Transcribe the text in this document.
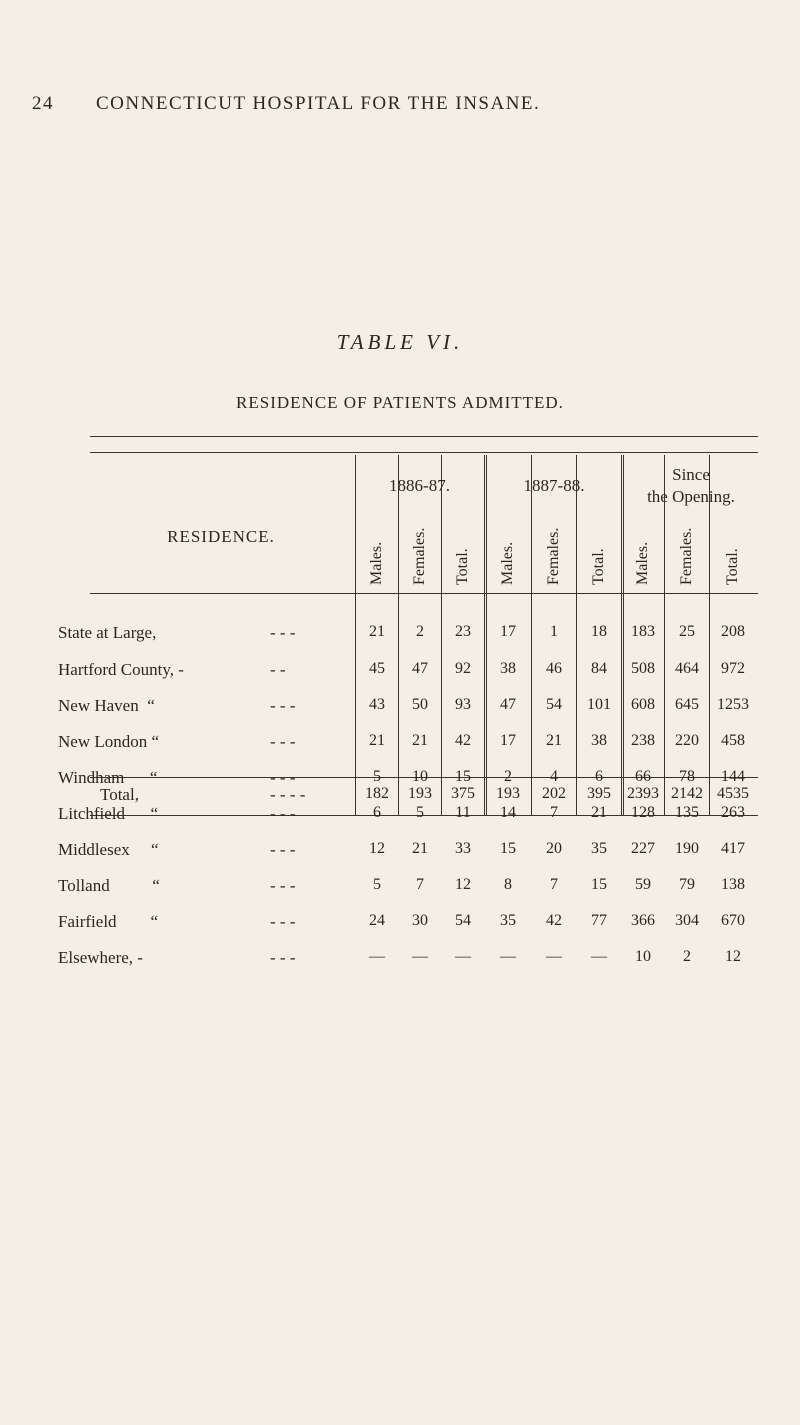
24 CONNECTICUT HOSPITAL FOR THE INSANE.
TABLE VI.
RESIDENCE OF PATIENTS ADMITTED.
1886-87.	1887-88.
Since
the Opening.
RESIDENCE.
Males. Females. Total. Males. Females. Total. Males. Females. Total.
State at Large,	- - -	21	2	23	17	1	18	183	25	208
Hartford County, -	- -	45	47	92	38	46	84	508	464	972
New Haven  “	- - -	43	50	93	47	54	101	608	645	1253
New London “	- - -	21	21	42	17	21	38	238	220	458
Windham      “	- - -	5	10	15	2	4	6	66	78	144
Litchfield      “	- - -	6	5	11	14	7	21	128	135	263
Middlesex     “	- - -	12	21	33	15	20	35	227	190	417
Tolland          “	- - -	5	7	12	8	7	15	59	79	138
Fairfield        “	- - -	24	30	54	35	42	77	366	304	670
Elsewhere, -	- - -	—	—	—	—	—	—	10	2	12
Total,	- - - -	182	193	375	193	202	395	2393 2142 4535
